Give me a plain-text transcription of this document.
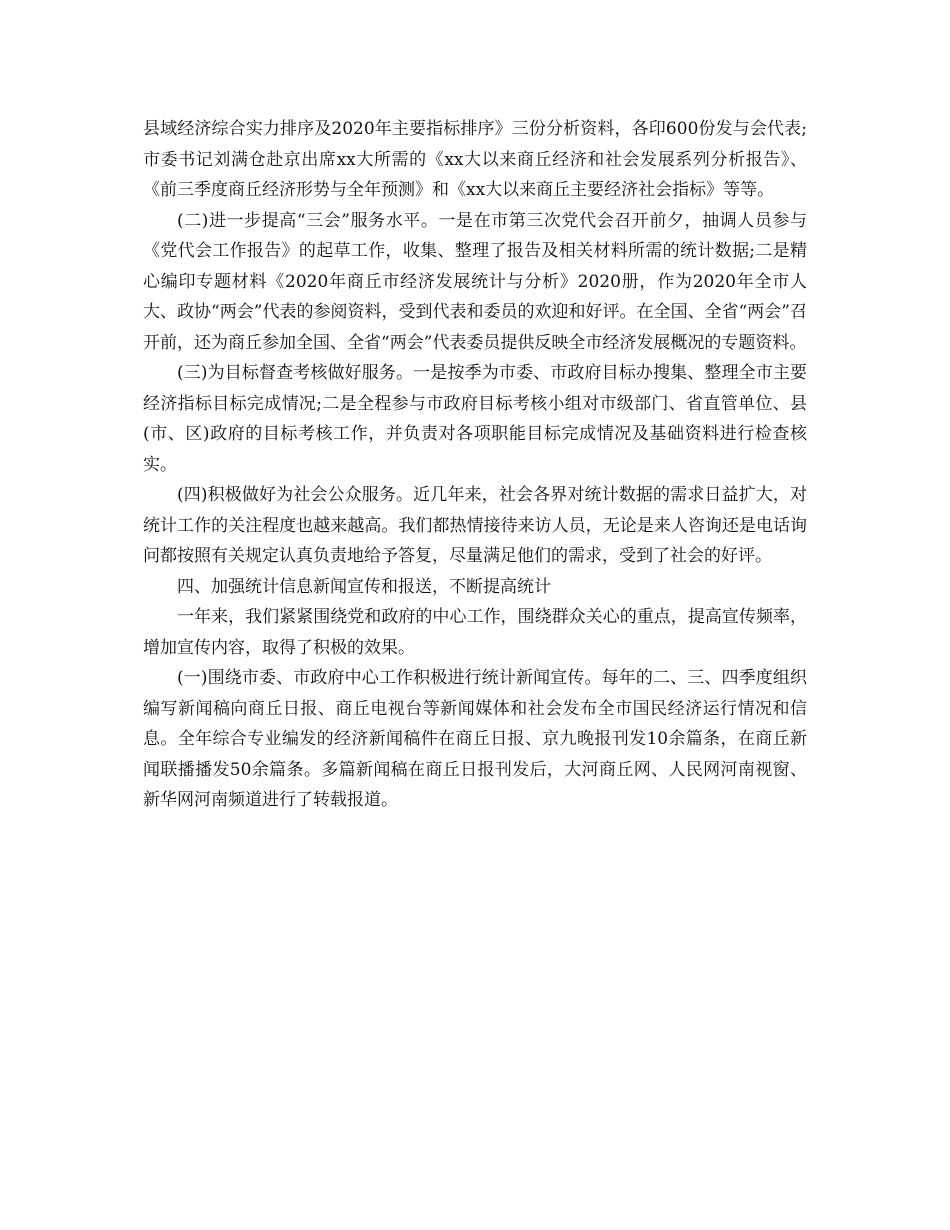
县域经济综合实力排序及2020年主要指标排序》三份分析资料，各印600份发与会代表;市委书记刘满仓赴京出席xx大所需的《xx大以来商丘经济和社会发展系列分析报告》、《前三季度商丘经济形势与全年预测》和《xx大以来商丘主要经济社会指标》等等。

(二)进一步提高“三会”服务水平。一是在市第三次党代会召开前夕，抽调人员参与《党代会工作报告》的起草工作，收集、整理了报告及相关材料所需的统计数据;二是精心编印专题材料《2020年商丘市经济发展统计与分析》2020册，作为2020年全市人大、政协“两会”代表的参阅资料，受到代表和委员的欢迎和好评。在全国、全省“两会”召开前，还为商丘参加全国、全省“两会”代表委员提供反映全市经济发展概况的专题资料。

(三)为目标督查考核做好服务。一是按季为市委、市政府目标办搜集、整理全市主要经济指标目标完成情况;二是全程参与市政府目标考核小组对市级部门、省直管单位、县(市、区)政府的目标考核工作，并负责对各项职能目标完成情况及基础资料进行检查核实。

(四)积极做好为社会公众服务。近几年来，社会各界对统计数据的需求日益扩大，对统计工作的关注程度也越来越高。我们都热情接待来访人员，无论是来人咨询还是电话询问都按照有关规定认真负责地给予答复，尽量满足他们的需求，受到了社会的好评。

四、加强统计信息新闻宣传和报送，不断提高统计

一年来，我们紧紧围绕党和政府的中心工作，围绕群众关心的重点，提高宣传频率，增加宣传内容，取得了积极的效果。

(一)围绕市委、市政府中心工作积极进行统计新闻宣传。每年的二、三、四季度组织编写新闻稿向商丘日报、商丘电视台等新闻媒体和社会发布全市国民经济运行情况和信息。全年综合专业编发的经济新闻稿件在商丘日报、京九晚报刊发10余篇条，在商丘新闻联播播发50余篇条。多篇新闻稿在商丘日报刊发后，大河商丘网、人民网河南视窗、新华网河南频道进行了转载报道。
